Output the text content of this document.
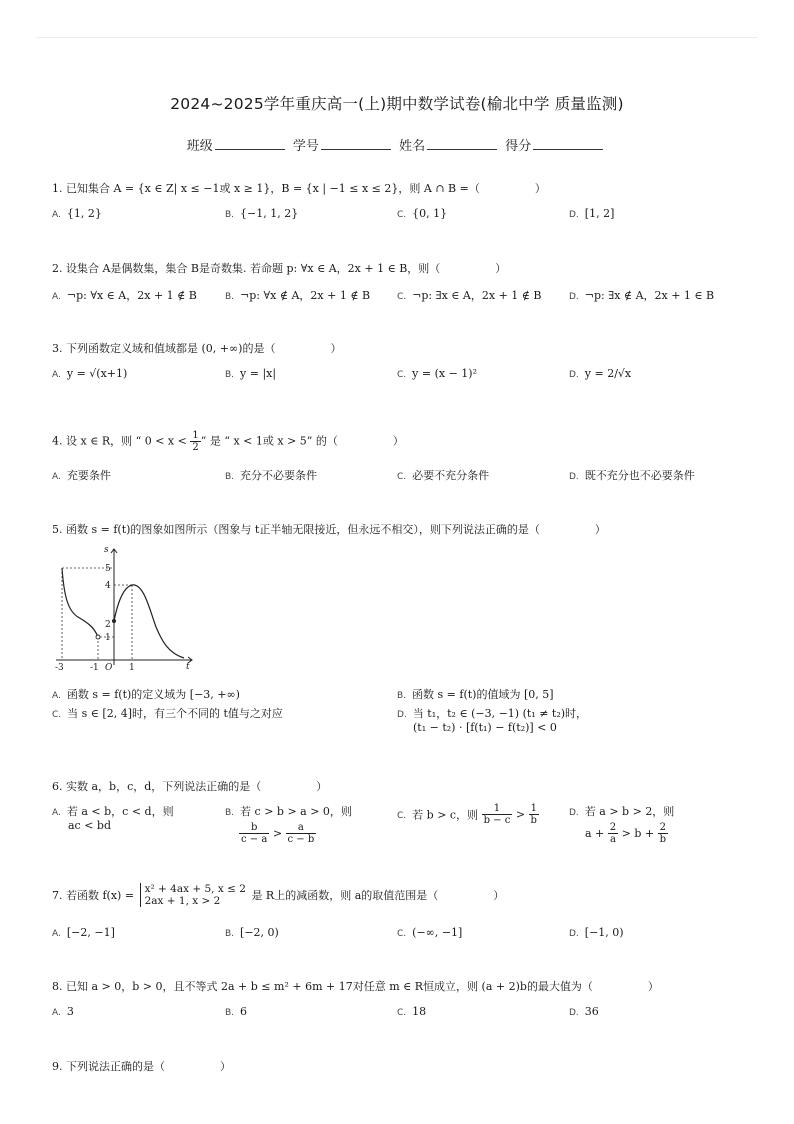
2024~2025学年重庆高一(上)期中数学试卷(榆北中学 质量监测)
班级	学号	姓名	得分
1. 已知集合 A = {x ∈ Z| x ≤ −1或 x ≥ 1}，B = {x | −1 ≤ x ≤ 2}，则 A ∩ B =（　　　　　）
A. {1, 2}	B. {−1, 1, 2}	C. {0, 1}	D. [1, 2]
2. 设集合 A是偶数集，集合 B是奇数集. 若命题 p: ∀x ∈ A，2x + 1 ∈ B，则（　　　　　）
A. ¬p: ∀x ∈ A，2x + 1 ∉ B	B. ¬p: ∀x ∉ A，2x + 1 ∉ B	C. ¬p: ∃x ∈ A，2x + 1 ∉ B	D. ¬p: ∃x ∉ A，2x + 1 ∈ B
3. 下列函数定义域和值域都是 (0, +∞)的是（　　　　　）
A. y = √(x+1)	B. y = |x|	C. y = (x − 1)²	D. y = 2/√x
4. 设 x ∈ R，则 “ $0 < x < \frac{1}{2}$ ” 是 “ x < 1或 x > 5” 的（　　　　　）
A. 充要条件	B. 充分不必要条件	C. 必要不充分条件	D. 既不充分也不必要条件
5. 函数 s = f(t)的图象如图所示（图象与 t正半轴无限接近，但永远不相交），则下列说法正确的是（　　　　　）
s
t
5
4
2
1
-3	-1	1
O
A. 函数 s = f(t)的定义域为 [−3, +∞)	B. 函数 s = f(t)的值域为 [0, 5]
C. 当 s ∈ [2, 4]时，有三个不同的 t值与之对应	D. 当 t₁，t₂ ∈ (−3, −1) (t₁ ≠ t₂)时，
(t₁ − t₂) · [f(t₁) − f(t₂)] < 0
6. 实数 a，b，c，d，下列说法正确的是（　　　　　）
A. 若 a < b，c < d，则
ac < bd
B. 若 c > b > a > 0，则

$\frac{b}{c - a} > \frac{a}{c - b}$
C. 若 b > c，则 $\frac{1}{b - c} > \frac{1}{b}$	D. 若 a > b > 2，则
$a + \frac{2}{a} > b + \frac{2}{b}$
7. 若函数 f(x) = x² + 4ax + 5, x ≤ 2
2ax + 1, x > 2	是 R上的减函数，则 a的取值范围是（　　　　　）
A. [−2, −1]	B. [−2, 0)	C. (−∞, −1]	D. [−1, 0)
8. 已知 a > 0，b > 0，且不等式 2a + b ≤ m² + 6m + 17对任意 m ∈ R恒成立，则 (a + 2)b的最大值为（　　　　　）
A. 3	B. 6	C. 18	D. 36
9. 下列说法正确的是（　　　　　）
